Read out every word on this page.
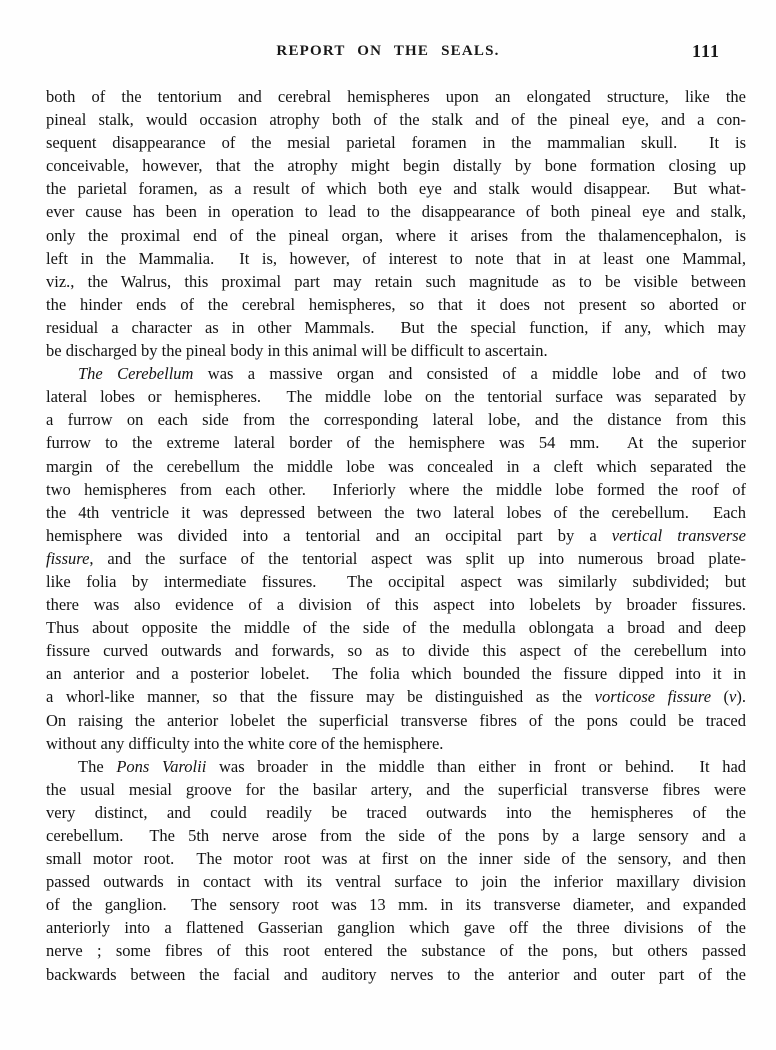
REPORT ON THE SEALS.	111
both of the tentorium and cerebral hemispheres upon an elongated structure, like the
pineal stalk, would occasion atrophy both of the stalk and of the pineal eye, and a con-
sequent disappearance of the mesial parietal foramen in the mammalian skull.  It is
conceivable, however, that the atrophy might begin distally by bone formation closing up
the parietal foramen, as a result of which both eye and stalk would disappear.  But what-
ever cause has been in operation to lead to the disappearance of both pineal eye and stalk,
only the proximal end of the pineal organ, where it arises from the thalamencephalon, is
left in the Mammalia.  It is, however, of interest to note that in at least one Mammal,
viz., the Walrus, this proximal part may retain such magnitude as to be visible between
the hinder ends of the cerebral hemispheres, so that it does not present so aborted or
residual a character as in other Mammals.  But the special function, if any, which may
be discharged by the pineal body in this animal will be difficult to ascertain.
The Cerebellum was a massive organ and consisted of a middle lobe and of two
lateral lobes or hemispheres.  The middle lobe on the tentorial surface was separated by
a furrow on each side from the corresponding lateral lobe, and the distance from this
furrow to the extreme lateral border of the hemisphere was 54 mm.  At the superior
margin of the cerebellum the middle lobe was concealed in a cleft which separated the
two hemispheres from each other.  Inferiorly where the middle lobe formed the roof of
the 4th ventricle it was depressed between the two lateral lobes of the cerebellum.  Each
hemisphere was divided into a tentorial and an occipital part by a vertical transverse
fissure, and the surface of the tentorial aspect was split up into numerous broad plate-
like folia by intermediate fissures.  The occipital aspect was similarly subdivided; but
there was also evidence of a division of this aspect into lobelets by broader fissures.
Thus about opposite the middle of the side of the medulla oblongata a broad and deep
fissure curved outwards and forwards, so as to divide this aspect of the cerebellum into
an anterior and a posterior lobelet.  The folia which bounded the fissure dipped into it in
a whorl-like manner, so that the fissure may be distinguished as the vorticose fissure (v).
On raising the anterior lobelet the superficial transverse fibres of the pons could be traced
without any difficulty into the white core of the hemisphere.
The Pons Varolii was broader in the middle than either in front or behind.  It had
the usual mesial groove for the basilar artery, and the superficial transverse fibres were
very distinct, and could readily be traced outwards into the hemispheres of the
cerebellum.  The 5th nerve arose from the side of the pons by a large sensory and a
small motor root.  The motor root was at first on the inner side of the sensory, and then
passed outwards in contact with its ventral surface to join the inferior maxillary division
of the ganglion.  The sensory root was 13 mm. in its transverse diameter, and expanded
anteriorly into a flattened Gasserian ganglion which gave off the three divisions of the
nerve ; some fibres of this root entered the substance of the pons, but others passed
backwards between the facial and auditory nerves to the anterior and outer part of the
